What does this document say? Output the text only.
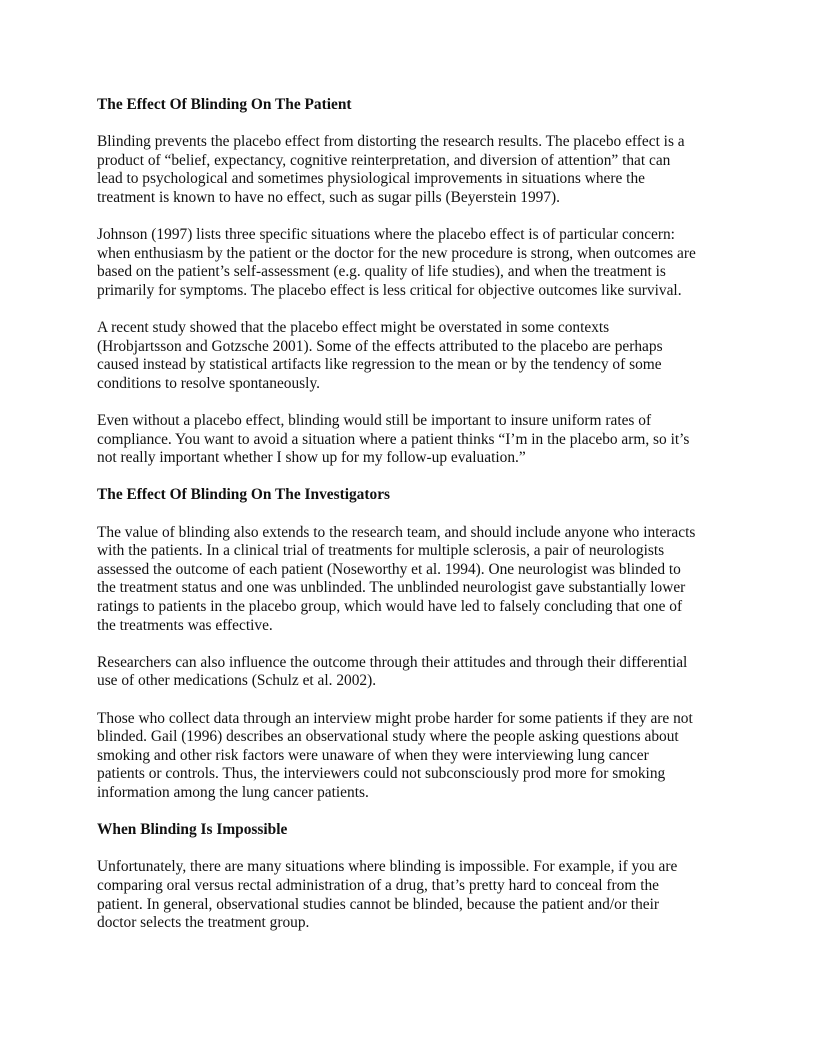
The Effect Of Blinding On The Patient
Blinding prevents the placebo effect from distorting the research results. The placebo effect is a
product of “belief, expectancy, cognitive reinterpretation, and diversion of attention” that can
lead to psychological and sometimes physiological improvements in situations where the
treatment is known to have no effect, such as sugar pills (Beyerstein 1997).
Johnson (1997) lists three specific situations where the placebo effect is of particular concern:
when enthusiasm by the patient or the doctor for the new procedure is strong, when outcomes are
based on the patient’s self-assessment (e.g. quality of life studies), and when the treatment is
primarily for symptoms. The placebo effect is less critical for objective outcomes like survival.
A recent study showed that the placebo effect might be overstated in some contexts
(Hrobjartsson and Gotzsche 2001). Some of the effects attributed to the placebo are perhaps
caused instead by statistical artifacts like regression to the mean or by the tendency of some
conditions to resolve spontaneously.
Even without a placebo effect, blinding would still be important to insure uniform rates of
compliance. You want to avoid a situation where a patient thinks “I’m in the placebo arm, so it’s
not really important whether I show up for my follow-up evaluation.”
The Effect Of Blinding On The Investigators
The value of blinding also extends to the research team, and should include anyone who interacts
with the patients. In a clinical trial of treatments for multiple sclerosis, a pair of neurologists
assessed the outcome of each patient (Noseworthy et al. 1994). One neurologist was blinded to
the treatment status and one was unblinded. The unblinded neurologist gave substantially lower
ratings to patients in the placebo group, which would have led to falsely concluding that one of
the treatments was effective.
Researchers can also influence the outcome through their attitudes and through their differential
use of other medications (Schulz et al. 2002).
Those who collect data through an interview might probe harder for some patients if they are not
blinded. Gail (1996) describes an observational study where the people asking questions about
smoking and other risk factors were unaware of when they were interviewing lung cancer
patients or controls. Thus, the interviewers could not subconsciously prod more for smoking
information among the lung cancer patients.
When Blinding Is Impossible
Unfortunately, there are many situations where blinding is impossible. For example, if you are
comparing oral versus rectal administration of a drug, that’s pretty hard to conceal from the
patient. In general, observational studies cannot be blinded, because the patient and/or their
doctor selects the treatment group.
